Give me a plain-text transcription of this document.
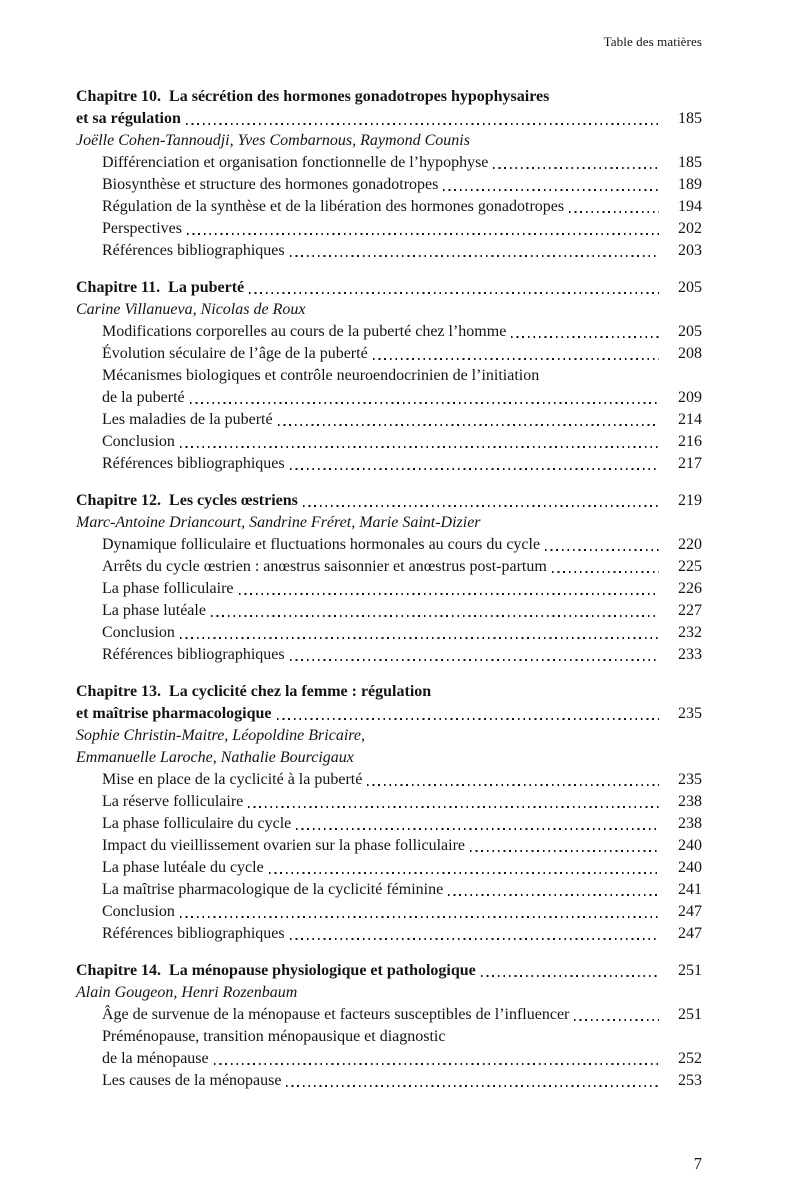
Table des matières
Chapitre 10.  La sécrétion des hormones gonadotropes hypophysaires
et sa régulation	185
Joëlle Cohen-Tannoudji, Yves Combarnous, Raymond Counis
Différenciation et organisation fonctionnelle de l’hypophyse	185
Biosynthèse et structure des hormones gonadotropes	189
Régulation de la synthèse et de la libération des hormones gonadotropes	194
Perspectives	202
Références bibliographiques	203
Chapitre 11.  La puberté	205
Carine Villanueva, Nicolas de Roux
Modifications corporelles au cours de la puberté chez l’homme	205
Évolution séculaire de l’âge de la puberté	208
Mécanismes biologiques et contrôle neuroendocrinien de l’initiation
de la puberté	209
Les maladies de la puberté	214
Conclusion	216
Références bibliographiques	217
Chapitre 12.  Les cycles œstriens	219
Marc-Antoine Driancourt, Sandrine Fréret, Marie Saint-Dizier
Dynamique folliculaire et fluctuations hormonales au cours du cycle	220
Arrêts du cycle œstrien : anœstrus saisonnier et anœstrus post-partum	225
La phase folliculaire	226
La phase lutéale	227
Conclusion	232
Références bibliographiques	233
Chapitre 13.  La cyclicité chez la femme : régulation
et maîtrise pharmacologique	235
Sophie Christin-Maitre, Léopoldine Bricaire,
Emmanuelle Laroche, Nathalie Bourcigaux
Mise en place de la cyclicité à la puberté	235
La réserve folliculaire	238
La phase folliculaire du cycle	238
Impact du vieillissement ovarien sur la phase folliculaire	240
La phase lutéale du cycle	240
La maîtrise pharmacologique de la cyclicité féminine	241
Conclusion	247
Références bibliographiques	247
Chapitre 14.  La ménopause physiologique et pathologique	251
Alain Gougeon, Henri Rozenbaum
Âge de survenue de la ménopause et facteurs susceptibles de l’influencer	251
Préménopause, transition ménopausique et diagnostic
de la ménopause	252
Les causes de la ménopause	253
7
